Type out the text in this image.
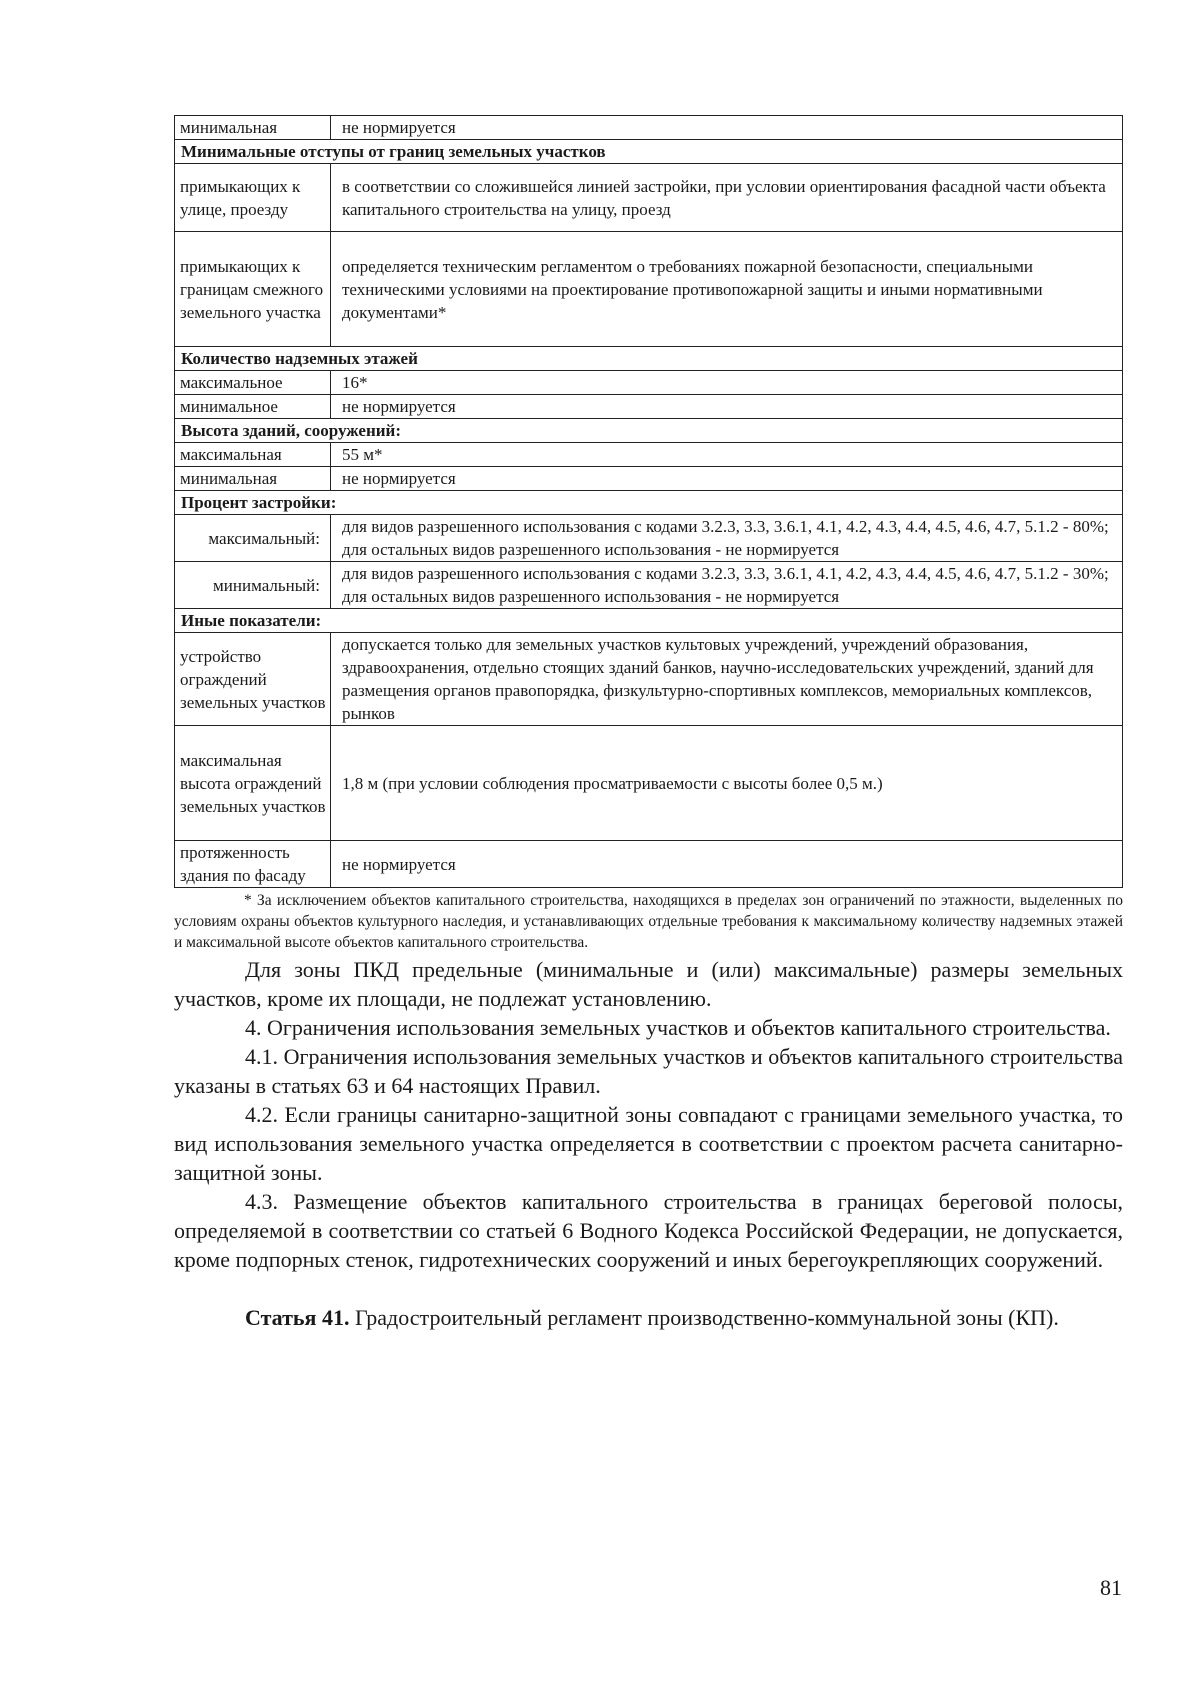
минимальная	не нормируется
Минимальные отступы от границ земельных участков	
примыкающих к улице, проезду	в соответствии со сложившейся линией застройки, при условии ориентирования фасадной части объекта капитального строительства на улицу, проезд
примыкающих к границам смежного земельного участка	определяется техническим регламентом о требованиях пожарной безопасности, специальными техническими условиями на проектирование противопожарной защиты и иными нормативными документами*
Количество надземных этажей	
максимальное	16*
минимальное	не нормируется
Высота зданий, сооружений:	
максимальная	55 м*
минимальная	не нормируется
Процент застройки:	
максимальный:	для видов разрешенного использования с кодами 3.2.3, 3.3, 3.6.1, 4.1, 4.2, 4.3, 4.4, 4.5, 4.6, 4.7, 5.1.2 - 80%;
для остальных видов разрешенного использования - не нормируется

минимальный:	для видов разрешенного использования с кодами 3.2.3, 3.3, 3.6.1, 4.1, 4.2, 4.3, 4.4, 4.5, 4.6, 4.7, 5.1.2 - 30%;
для остальных видов разрешенного использования - не нормируется

Иные показатели:	
устройство ограждений земельных участков	допускается только для земельных участков культовых учреждений, учреждений образования, здравоохранения, отдельно стоящих зданий банков, научно-исследовательских учреждений, зданий для размещения органов правопорядка, физкультурно-спортивных комплексов, мемориальных комплексов, рынков
максимальная высота ограждений земельных участков	1,8 м (при условии соблюдения просматриваемости с высоты более 0,5 м.)
протяженность здания по фасаду	не нормируется
* За исключением объектов капитального строительства, находящихся в пределах зон ограничений по этажности, выделенных по условиям охраны объектов культурного наследия, и устанавливающих отдельные требования к максимальному количеству надземных этажей и максимальной высоте объектов капитального строительства.

Для зоны ПКД предельные (минимальные и (или) максимальные) размеры земельных участков, кроме их площади, не подлежат установлению.

4. Ограничения использования земельных участков и объектов капитального строительства.

4.1. Ограничения использования земельных участков и объектов капитального строительства указаны в статьях 63 и 64 настоящих Правил.

4.2. Если границы санитарно-защитной зоны совпадают с границами земельного участка, то вид использования земельного участка определяется в соответствии с проектом расчета санитарно-защитной зоны.

4.3. Размещение объектов капитального строительства в границах береговой полосы, определяемой в соответствии со статьей 6 Водного Кодекса Российской Федерации, не допускается, кроме подпорных стенок, гидротехнических сооружений и иных берегоукрепляющих сооружений.

Статья 41. Градостроительный регламент производственно-коммунальной зоны (КП).

81
